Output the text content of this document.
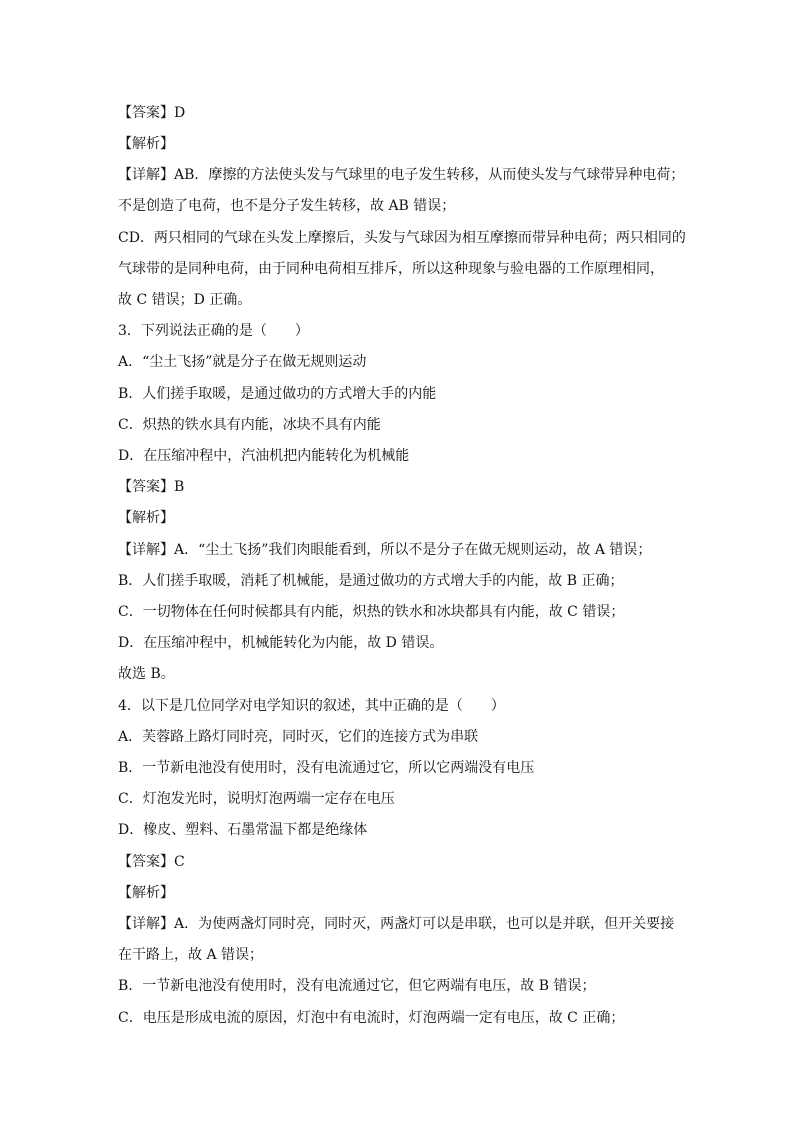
【答案】D
【解析】
【详解】AB．摩擦的方法使头发与气球里的电子发生转移，从而使头发与气球带异种电荷；
不是创造了电荷，也不是分子发生转移，故 AB 错误；
CD．两只相同的气球在头发上摩擦后，头发与气球因为相互摩擦而带异种电荷；两只相同的
气球带的是同种电荷，由于同种电荷相互排斥，所以这种现象与验电器的工作原理相同，
故 C 错误；D 正确。
3．下列说法正确的是（　　）
A．“尘土飞扬”就是分子在做无规则运动
B．人们搓手取暖，是通过做功的方式增大手的内能
C．炽热的铁水具有内能，冰块不具有内能
D．在压缩冲程中，汽油机把内能转化为机械能
【答案】B
【解析】
【详解】A．“尘土飞扬”我们肉眼能看到，所以不是分子在做无规则运动，故 A 错误；
B．人们搓手取暖，消耗了机械能，是通过做功的方式增大手的内能，故 B 正确；
C．一切物体在任何时候都具有内能，炽热的铁水和冰块都具有内能，故 C 错误；
D．在压缩冲程中，机械能转化为内能，故 D 错误。
故选 B。
4．以下是几位同学对电学知识的叙述，其中正确的是（　　）
A．芙蓉路上路灯同时亮，同时灭，它们的连接方式为串联
B．一节新电池没有使用时，没有电流通过它，所以它两端没有电压
C．灯泡发光时，说明灯泡两端一定存在电压
D．橡皮、塑料、石墨常温下都是绝缘体
【答案】C
【解析】
【详解】A．为使两盏灯同时亮，同时灭，两盏灯可以是串联，也可以是并联，但开关要接
在干路上，故 A 错误；
B．一节新电池没有使用时，没有电流通过它，但它两端有电压，故 B 错误；
C．电压是形成电流的原因，灯泡中有电流时，灯泡两端一定有电压，故 C 正确；
